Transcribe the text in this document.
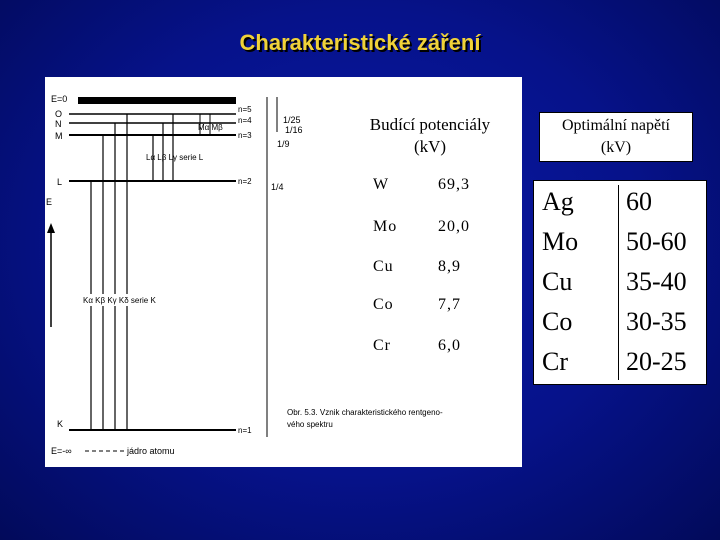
Charakteristické záření
E=0
O
N
M
L
K
E=-∞	jádro atomu
n=5
n=4
n=3
n=2
n=1
E
1/25
1/16
1/9
1/4
Mα Mβ
Lα Lβ Lγ serie L
Kα Kβ Kγ Kδ serie K
Obr. 5.3. Vznik charakteristického rentgeno-
vého spektru
Budící potenciály
(kV)
W	69,3
Mo	20,0
Cu	8,9
Co	7,7
Cr	6,0
Optimální napětí
(kV)
Ag 60
Mo 50-60
Cu 35-40
Co 30-35
Cr 20-25
